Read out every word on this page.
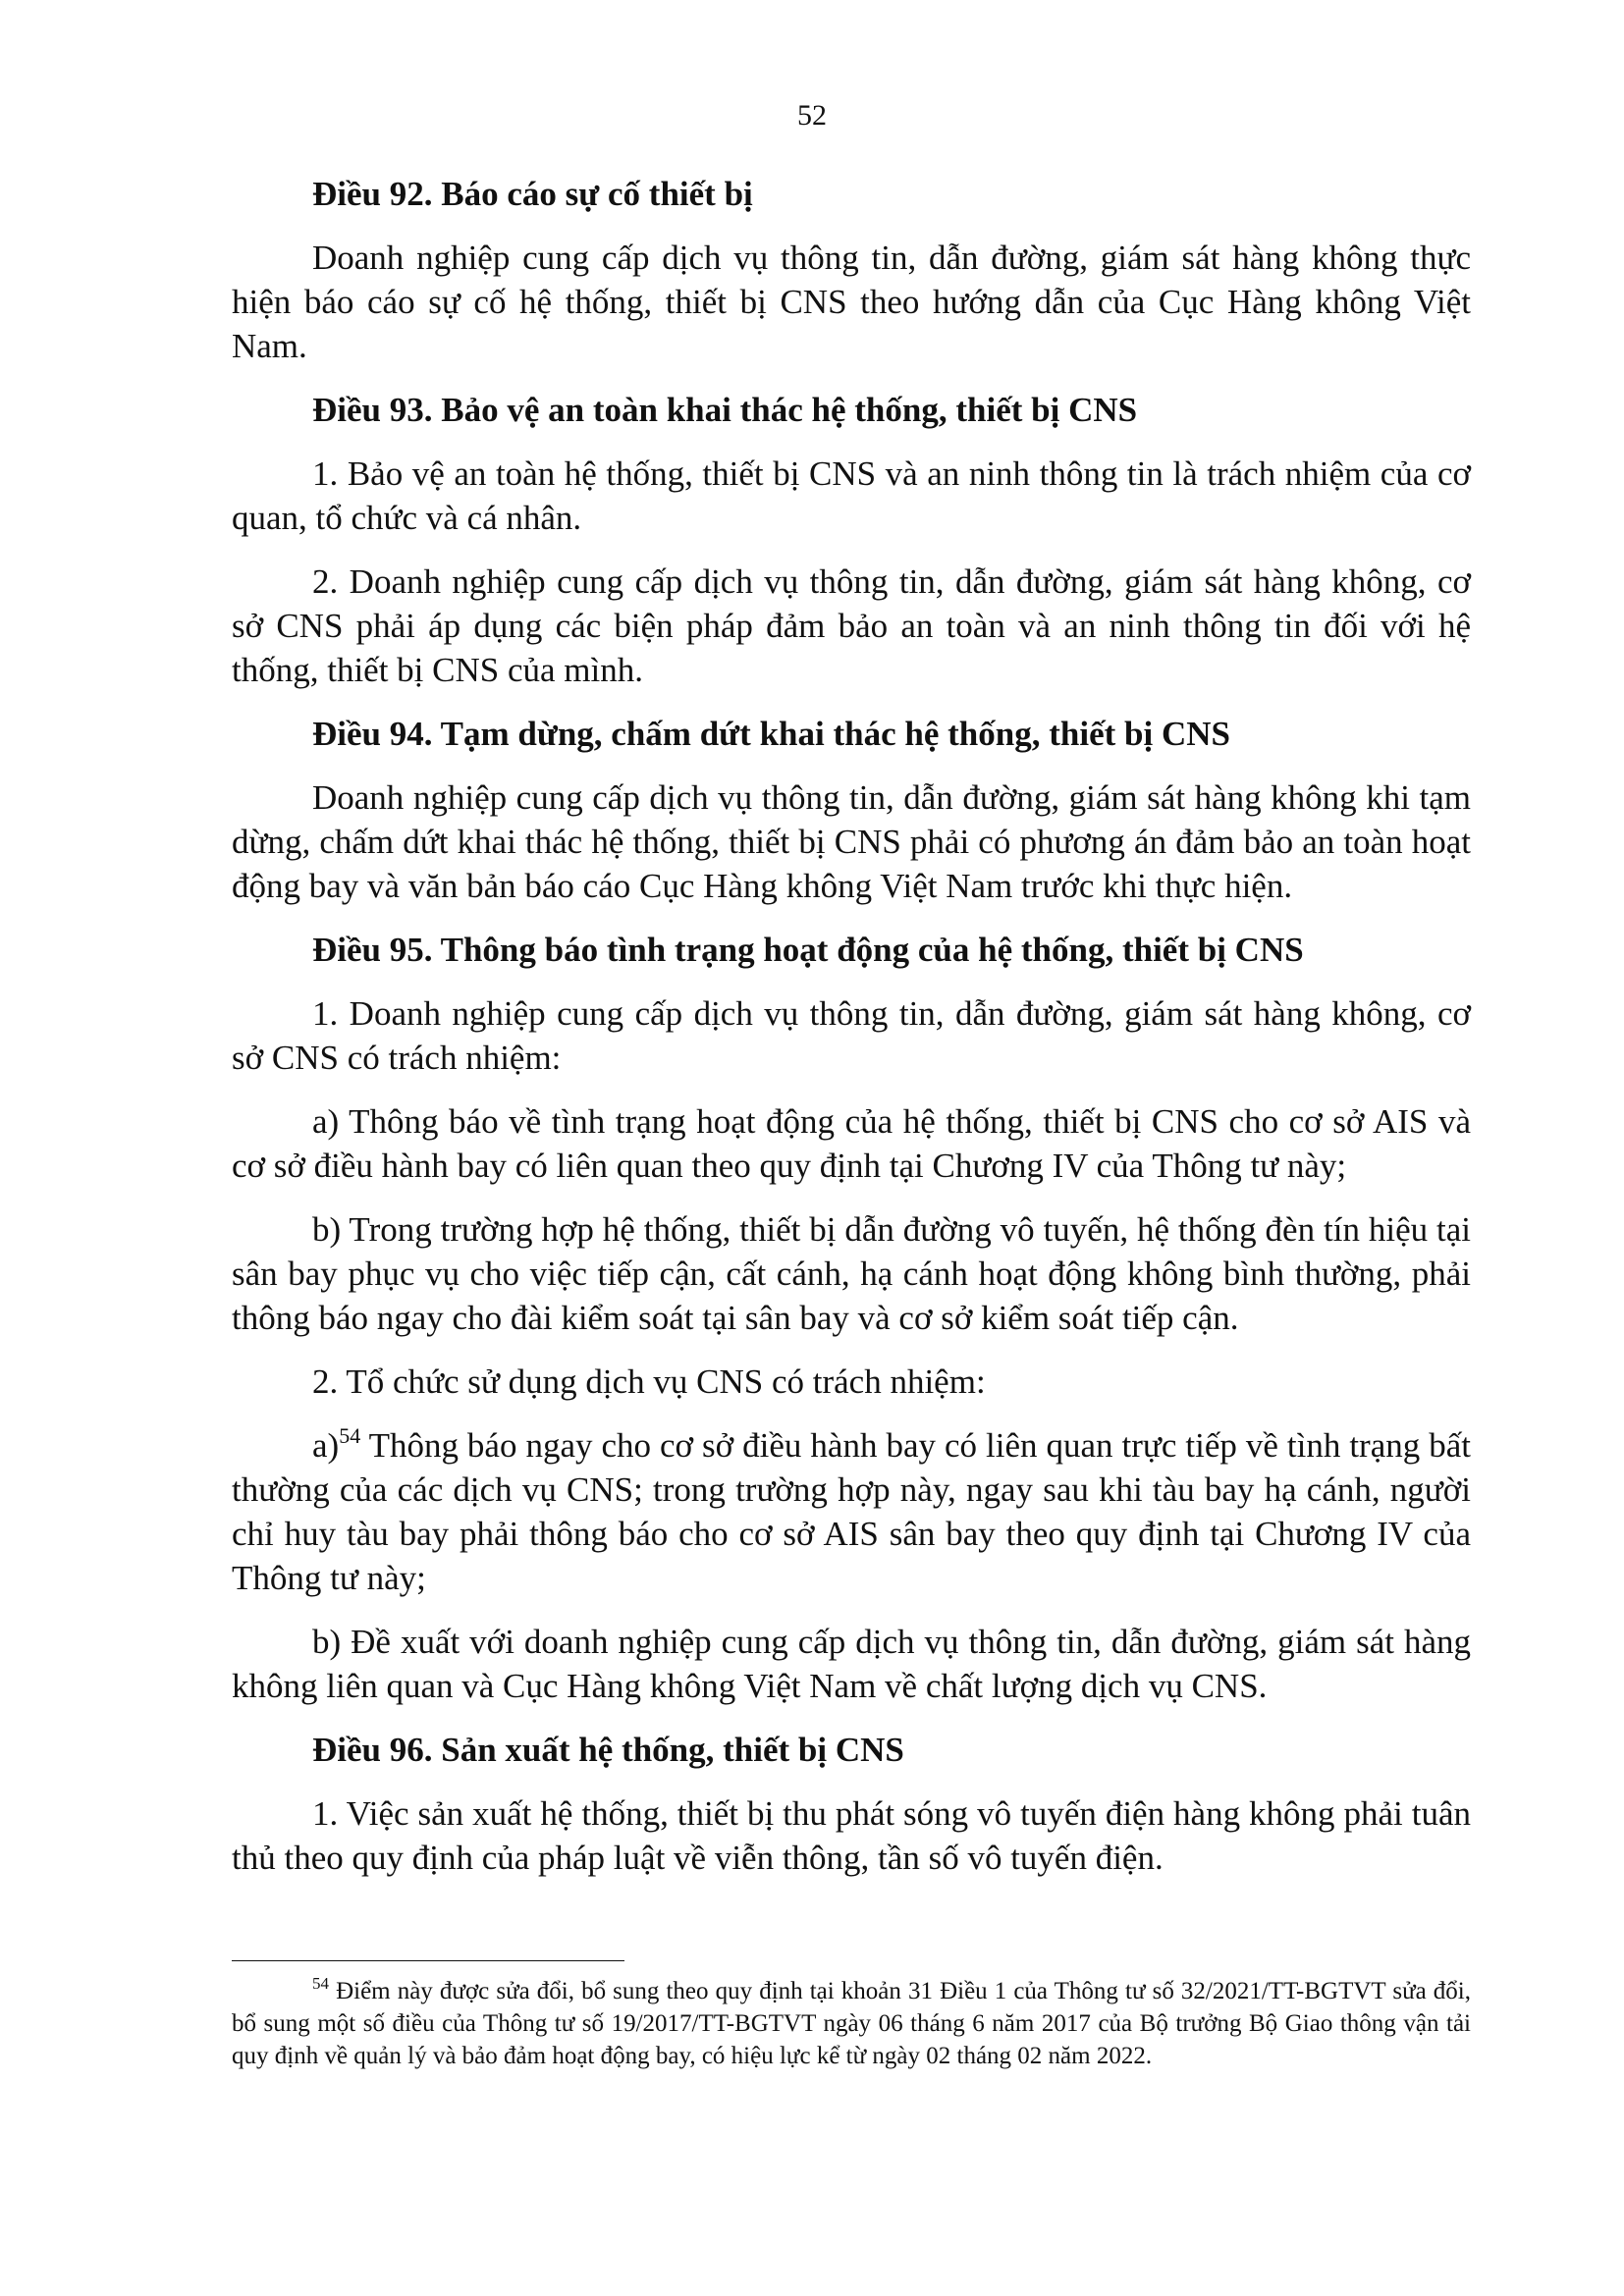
52

Điều 92. Báo cáo sự cố thiết bị

Doanh nghiệp cung cấp dịch vụ thông tin, dẫn đường, giám sát hàng không thực hiện báo cáo sự cố hệ thống, thiết bị CNS theo hướng dẫn của Cục Hàng không Việt Nam.

Điều 93. Bảo vệ an toàn khai thác hệ thống, thiết bị CNS

1. Bảo vệ an toàn hệ thống, thiết bị CNS và an ninh thông tin là trách nhiệm của cơ quan, tổ chức và cá nhân.

2. Doanh nghiệp cung cấp dịch vụ thông tin, dẫn đường, giám sát hàng không, cơ sở CNS phải áp dụng các biện pháp đảm bảo an toàn và an ninh thông tin đối với hệ thống, thiết bị CNS của mình.

Điều 94. Tạm dừng, chấm dứt khai thác hệ thống, thiết bị CNS

Doanh nghiệp cung cấp dịch vụ thông tin, dẫn đường, giám sát hàng không khi tạm dừng, chấm dứt khai thác hệ thống, thiết bị CNS phải có phương án đảm bảo an toàn hoạt động bay và văn bản báo cáo Cục Hàng không Việt Nam trước khi thực hiện.

Điều 95. Thông báo tình trạng hoạt động của hệ thống, thiết bị CNS

1. Doanh nghiệp cung cấp dịch vụ thông tin, dẫn đường, giám sát hàng không, cơ sở CNS có trách nhiệm:

a) Thông báo về tình trạng hoạt động của hệ thống, thiết bị CNS cho cơ sở AIS và cơ sở điều hành bay có liên quan theo quy định tại Chương IV của Thông tư này;

b) Trong trường hợp hệ thống, thiết bị dẫn đường vô tuyến, hệ thống đèn tín hiệu tại sân bay phục vụ cho việc tiếp cận, cất cánh, hạ cánh hoạt động không bình thường, phải thông báo ngay cho đài kiểm soát tại sân bay và cơ sở kiểm soát tiếp cận.

2. Tổ chức sử dụng dịch vụ CNS có trách nhiệm:

a)$^{54}$ Thông báo ngay cho cơ sở điều hành bay có liên quan trực tiếp về tình trạng bất thường của các dịch vụ CNS; trong trường hợp này, ngay sau khi tàu bay hạ cánh, người chỉ huy tàu bay phải thông báo cho cơ sở AIS sân bay theo quy định tại Chương IV của Thông tư này;

b) Đề xuất với doanh nghiệp cung cấp dịch vụ thông tin, dẫn đường, giám sát hàng không liên quan và Cục Hàng không Việt Nam về chất lượng dịch vụ CNS.

Điều 96. Sản xuất hệ thống, thiết bị CNS

1. Việc sản xuất hệ thống, thiết bị thu phát sóng vô tuyến điện hàng không phải tuân thủ theo quy định của pháp luật về viễn thông, tần số vô tuyến điện.

$^{54}$ Điểm này được sửa đổi, bổ sung theo quy định tại khoản 31 Điều 1 của Thông tư số 32/2021/TT-BGTVT sửa đổi, bổ sung một số điều của Thông tư số 19/2017/TT-BGTVT ngày 06 tháng 6 năm 2017 của Bộ trưởng Bộ Giao thông vận tải quy định về quản lý và bảo đảm hoạt động bay, có hiệu lực kể từ ngày 02 tháng 02 năm 2022.
